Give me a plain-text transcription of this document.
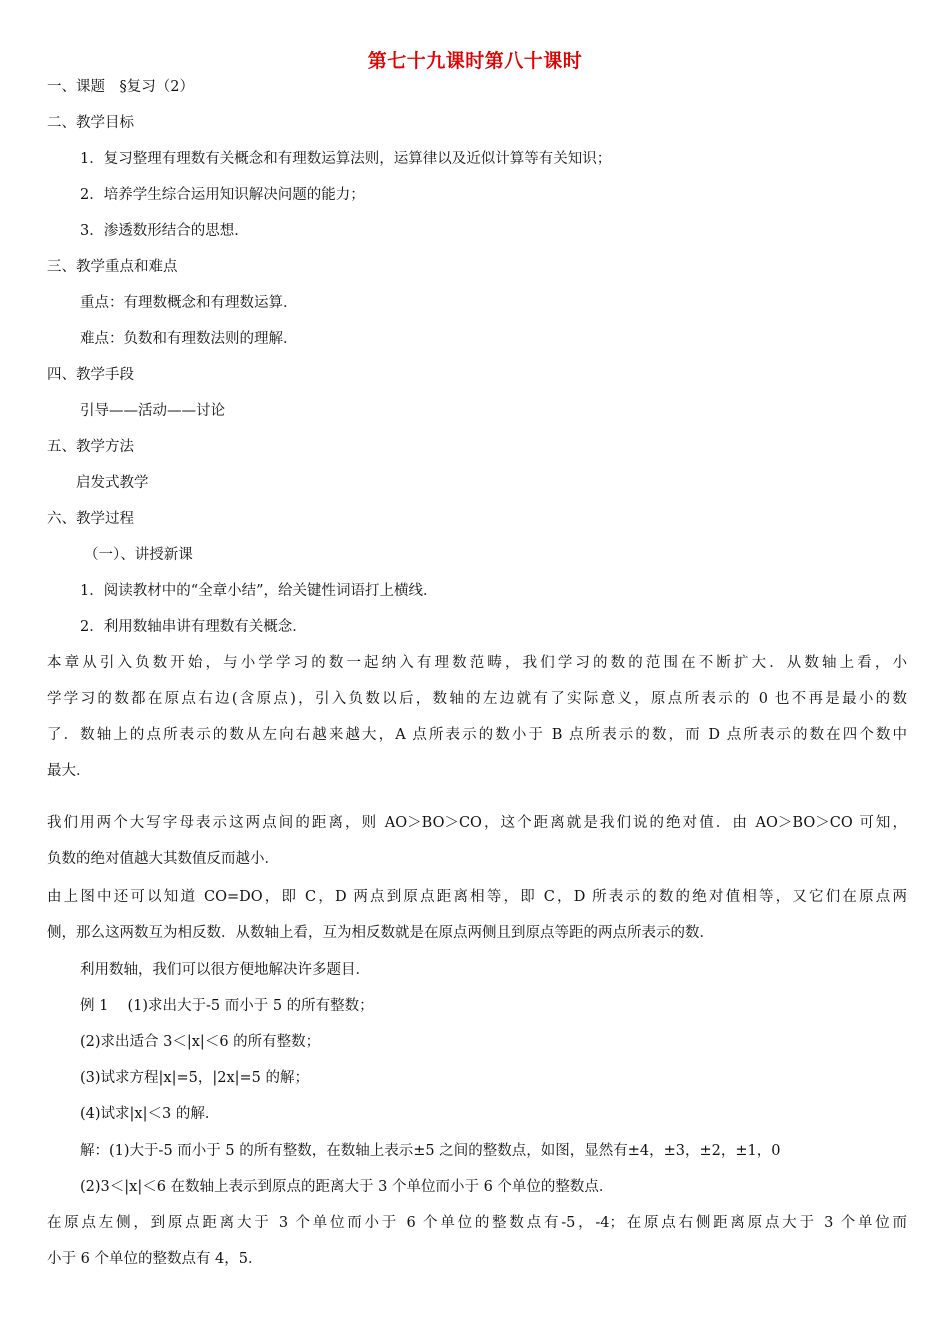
第七十九课时第八十课时
一、课题　§复习（2）
二、教学目标
1．复习整理有理数有关概念和有理数运算法则，运算律以及近似计算等有关知识；
2．培养学生综合运用知识解决问题的能力；
3．渗透数形结合的思想．
三、教学重点和难点
重点：有理数概念和有理数运算．
难点：负数和有理数法则的理解．
四、教学手段
引导——活动——讨论
五、教学方法
启发式教学
六、教学过程
（一）、讲授新课
1．阅读教材中的“全章小结”，给关键性词语打上横线．
2．利用数轴串讲有理数有关概念．
本章从引入负数开始，与小学学习的数一起纳入有理数范畴，我们学习的数的范围在不断扩大．从数轴上看，小
学学习的数都在原点右边(含原点)，引入负数以后，数轴的左边就有了实际意义，原点所表示的 0 也不再是最小的数
了．数轴上的点所表示的数从左向右越来越大，A 点所表示的数小于 B 点所表示的数，而 D 点所表示的数在四个数中
最大．
我们用两个大写字母表示这两点间的距离，则 AO＞BO＞CO，这个距离就是我们说的绝对值．由 AO＞BO＞CO 可知，
负数的绝对值越大其数值反而越小．
由上图中还可以知道 CO=DO，即 C，D 两点到原点距离相等，即 C，D 所表示的数的绝对值相等，又它们在原点两
侧，那么这两数互为相反数．从数轴上看，互为相反数就是在原点两侧且到原点等距的两点所表示的数．
利用数轴，我们可以很方便地解决许多题目．
例 1　 (1)求出大于-5 而小于 5 的所有整数；
(2)求出适合 3＜|x|＜6 的所有整数；
(3)试求方程|x|=5，|2x|=5 的解；
(4)试求|x|＜3 的解．
解：(1)大于-5 而小于 5 的所有整数，在数轴上表示±5 之间的整数点，如图，显然有±4，±3，±2，±1，0
(2)3＜|x|＜6 在数轴上表示到原点的距离大于 3 个单位而小于 6 个单位的整数点．
在原点左侧，到原点距离大于 3 个单位而小于 6 个单位的整数点有-5，-4；在原点右侧距离原点大于 3 个单位而
小于 6 个单位的整数点有 4，5．
